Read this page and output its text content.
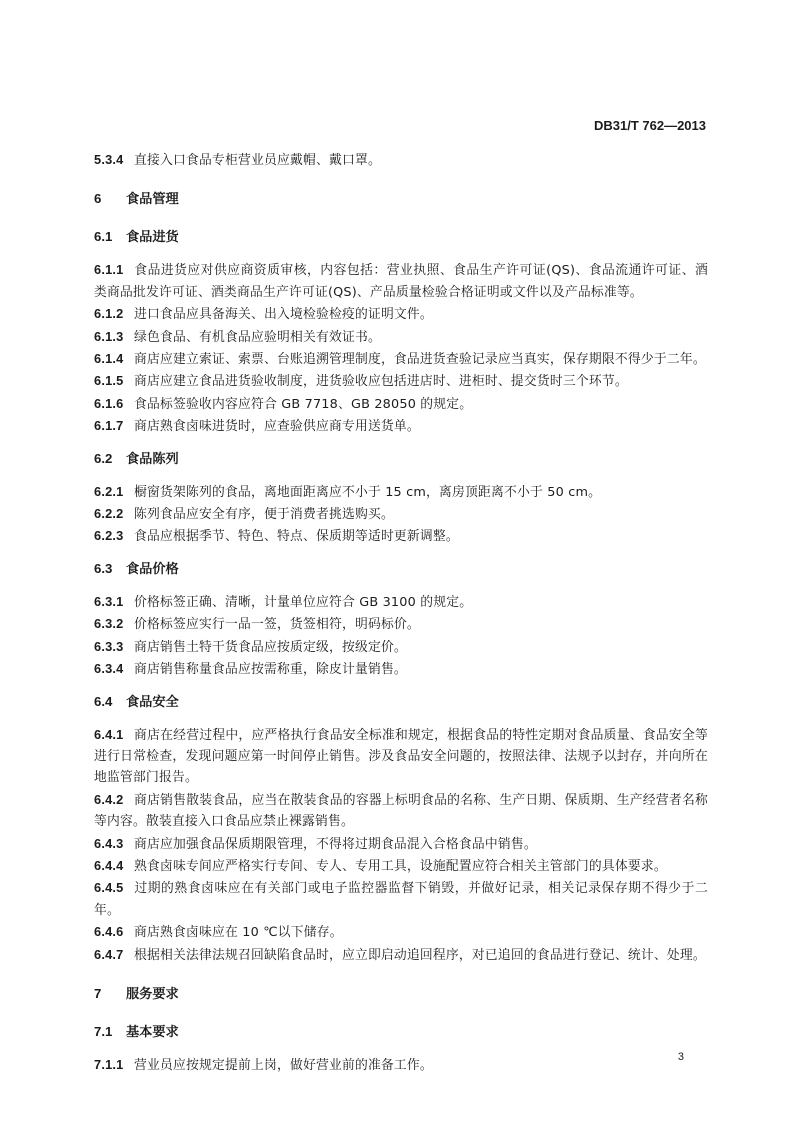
DB31/T 762—2013
5.3.4 直接入口食品专柜营业员应戴帽、戴口罩。
6 食品管理
6.1 食品进货
6.1.1 食品进货应对供应商资质审核，内容包括：营业执照、食品生产许可证(QS)、食品流通许可证、酒类商品批发许可证、酒类商品生产许可证(QS)、产品质量检验合格证明或文件以及产品标准等。
6.1.2 进口食品应具备海关、出入境检验检疫的证明文件。
6.1.3 绿色食品、有机食品应验明相关有效证书。
6.1.4 商店应建立索证、索票、台账追溯管理制度，食品进货查验记录应当真实，保存期限不得少于二年。
6.1.5 商店应建立食品进货验收制度，进货验收应包括进店时、进柜时、提交货时三个环节。
6.1.6 食品标签验收内容应符合 GB 7718、GB 28050 的规定。
6.1.7 商店熟食卤味进货时，应查验供应商专用送货单。
6.2 食品陈列
6.2.1 橱窗货架陈列的食品，离地面距离应不小于 15 cm，离房顶距离不小于 50 cm。
6.2.2 陈列食品应安全有序，便于消费者挑选购买。
6.2.3 食品应根据季节、特色、特点、保质期等适时更新调整。
6.3 食品价格
6.3.1 价格标签正确、清晰，计量单位应符合 GB 3100 的规定。
6.3.2 价格标签应实行一品一签，货签相符，明码标价。
6.3.3 商店销售土特干货食品应按质定级，按级定价。
6.3.4 商店销售称量食品应按需称重，除皮计量销售。
6.4 食品安全
6.4.1 商店在经营过程中，应严格执行食品安全标准和规定，根据食品的特性定期对食品质量、食品安全等进行日常检查，发现问题应第一时间停止销售。涉及食品安全问题的，按照法律、法规予以封存，并向所在地监管部门报告。
6.4.2 商店销售散装食品，应当在散装食品的容器上标明食品的名称、生产日期、保质期、生产经营者名称等内容。散装直接入口食品应禁止裸露销售。
6.4.3 商店应加强食品保质期限管理，不得将过期食品混入合格食品中销售。
6.4.4 熟食卤味专间应严格实行专间、专人、专用工具，设施配置应符合相关主管部门的具体要求。
6.4.5 过期的熟食卤味应在有关部门或电子监控器监督下销毁，并做好记录，相关记录保存期不得少于二年。
6.4.6 商店熟食卤味应在 10 ℃以下储存。
6.4.7 根据相关法律法规召回缺陷食品时，应立即启动追回程序，对已追回的食品进行登记、统计、处理。
7 服务要求
7.1 基本要求
7.1.1 营业员应按规定提前上岗，做好营业前的准备工作。
3
